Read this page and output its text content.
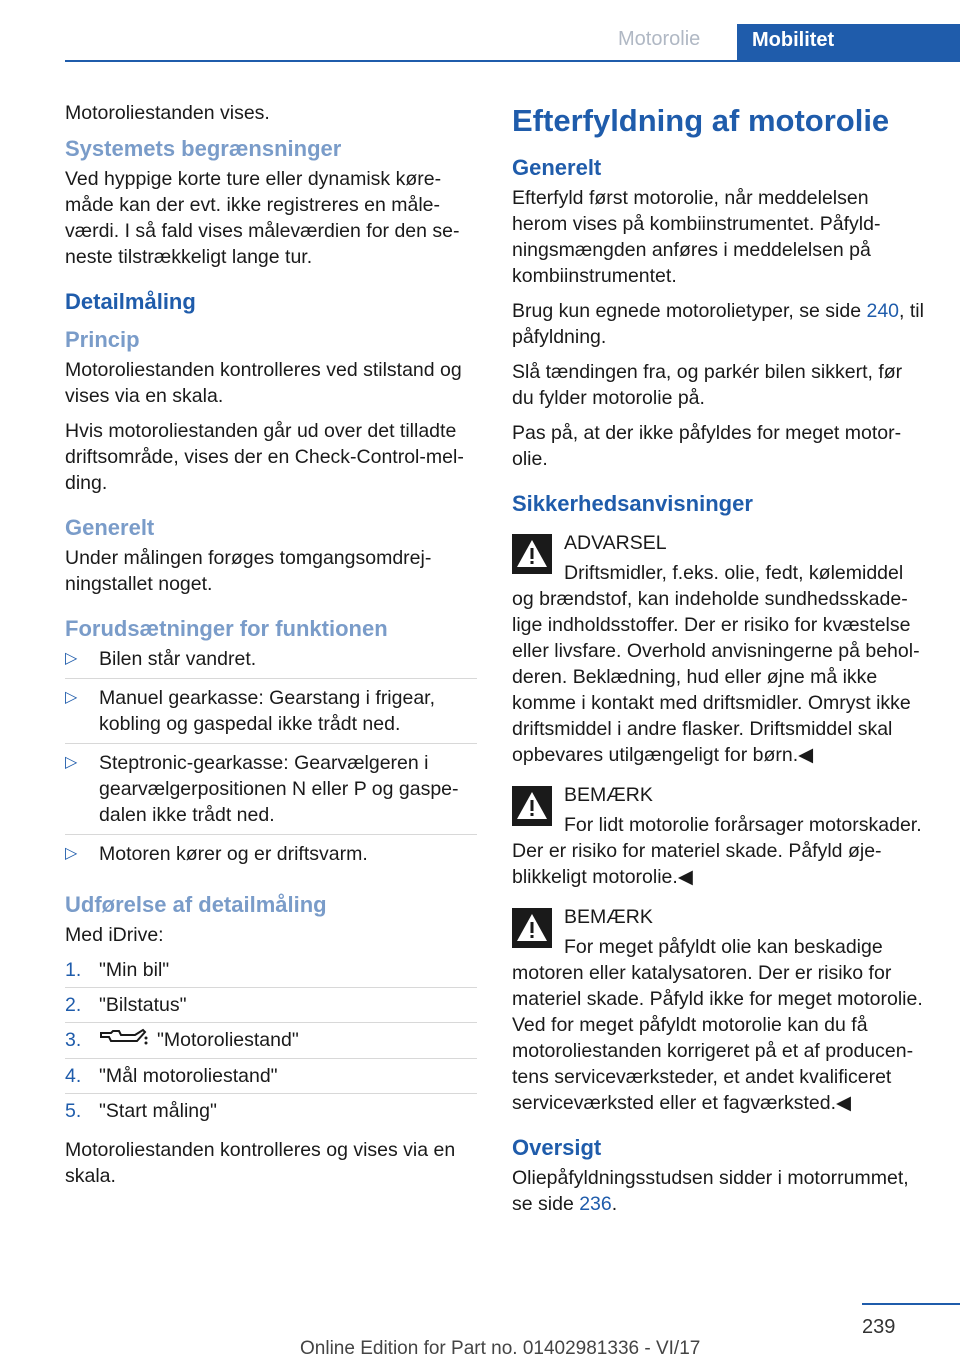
Motorolie	Mobilitet

Motoroliestanden vises.

Systemets begrænsninger

Ved hyppige korte ture eller dynamisk køremåde kan der evt. ikke registreres en måleværdi. I så fald vises måleværdien for den seneste tilstrækkeligt lange tur.

Detailmåling
Princip

Motoroliestanden kontrolleres ved stilstand og vises via en skala.

Hvis motoroliestanden går ud over det tilladte driftsområde, vises der en Check-Control-melding.

Generelt

Under målingen forøges tomgangsomdrejningstallet noget.

Forudsætninger for funktionen
▷ Bilen står vandret.
▷ Manuel gearkasse: Gearstang i frigear, kobling og gaspedal ikke trådt ned.
▷ Steptronic-gearkasse: Gearvælgeren i gearvælgerpositionen N eller P og gaspedalen ikke trådt ned.
▷ Motoren kører og er driftsvarm.
Udførelse af detailmåling

Med iDrive:

1. "Min bil"
2. "Bilstatus"
3.	"Motoroliestand"
4. "Mål motoroliestand"
5. "Start måling"

Motoroliestanden kontrolleres og vises via en skala.

Efterfyldning af motorolie
Generelt

Efterfyld først motorolie, når meddelelsen herom vises på kombiinstrumentet. Påfyldningsmængden anføres i meddelelsen på kombiinstrumentet.

Brug kun egnede motorolietyper, se side 240, til påfyldning.

Slå tændingen fra, og parkér bilen sikkert, før du fylder motorolie på.

Pas på, at der ikke påfyldes for meget motorolie.

Sikkerhedsanvisninger
ADVARSEL
Driftsmidler, f.eks. olie, fedt, kølemiddel og brændstof, kan indeholde sundhedsskadelige indholdsstoffer. Der er risiko for kvæstelse eller livsfare. Overhold anvisningerne på beholderen. Beklædning, hud eller øjne må ikke komme i kontakt med driftsmidler. Omryst ikke driftsmiddel i andre flasker. Driftsmiddel skal opbevares utilgængeligt for børn.◀
BEMÆRK
For lidt motorolie forårsager motorskader. Der er risiko for materiel skade. Påfyld øjeblikkeligt motorolie.◀
BEMÆRK
For meget påfyldt olie kan beskadige motoren eller katalysatoren. Der er risiko for materiel skade. Påfyld ikke for meget motorolie. Ved for meget påfyldt motorolie kan du få motoroliestanden korrigeret på et af producentens serviceværksteder, et andet kvalificeret serviceværksted eller et fagværksted.◀
Oversigt

Oliepåfyldningsstudsen sidder i motorrummet, se side 236.

239
Online Edition for Part no. 01402981336 - VI/17
